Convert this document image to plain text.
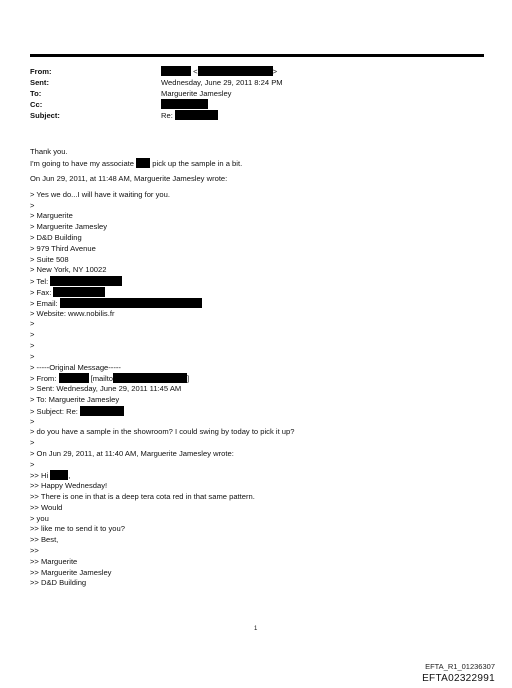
From:	<	>
Sent:	Wednesday, June 29, 2011 8:24 PM
To:	Marguerite Jamesley
Cc:
Subject:	Re:
Thank you.
I'm going to have my associate pick up the sample in a bit.
On Jun 29, 2011, at 11:48 AM, Marguerite Jamesley wrote:
> Yes we do...I will have it waiting for you.
>
> Marguerite
> Marguerite Jamesley
> D&D Building
> 979 Third Avenue
> Suite 508
> New York, NY 10022
> Tel:
> Fax:
> Email:
> Website: www.nobilis.fr
>
>
>
>
> -----Original Message-----
> From:	[mailto	]
> Sent: Wednesday, June 29, 2011 11:45 AM
> To: Marguerite Jamesley
> Subject: Re:
>
> do you have a sample in the showroom? I could swing by today to pick it up?
>
> On Jun 29, 2011, at 11:40 AM, Marguerite Jamesley wrote:
>
>> Hi	,
>> Happy Wednesday!
>> There is one in that is a deep tera cota red in that same pattern.
>> Would
> you
>> like me to send it to you?
>> Best,
>>
>> Marguerite
>> Marguerite Jamesley
>> D&D Building
1
EFTA_R1_01236307
EFTA02322991
